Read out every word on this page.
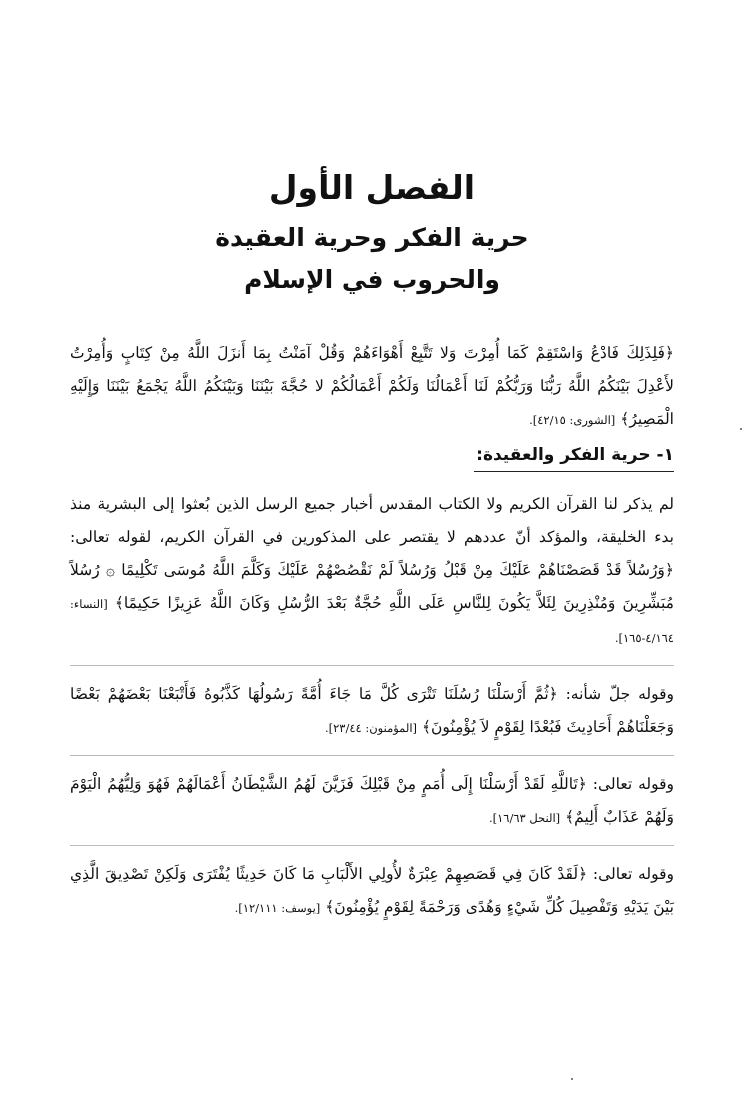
الفصل الأول
حرية الفكر وحرية العقيدة
والحروب في الإسلام

﴿فَلِذَلِكَ فَادْعُ وَاسْتَقِمْ كَمَا أُمِرْتَ وَلا تَتَّبِعْ أَهْوَاءَهُمْ وَقُلْ آمَنْتُ بِمَا أَنزَلَ اللَّهُ مِنْ كِتَابٍ وَأُمِرْتُ لأَعْدِلَ بَيْنَكُمُ اللَّهُ رَبُّنَا وَرَبُّكُمْ لَنَا أَعْمَالُنَا وَلَكُمْ أَعْمَالُكُمْ لا حُجَّةَ بَيْنَنَا وَبَيْنَكُمُ اللَّهُ يَجْمَعُ بَيْنَنَا وَإِلَيْهِ الْمَصِيرُ﴾ [الشورى: ٤٢/١٥].

١- حرية الفكر والعقيدة:

لم يذكر لنا القرآن الكريم ولا الكتاب المقدس أخبار جميع الرسل الذين بُعثوا إلى البشرية منذ بدء الخليقة، والمؤكد أنّ عددهم لا يقتصر على المذكورين في القرآن الكريم، لقوله تعالى: ﴿وَرُسُلاً قَدْ قَصَصْنَاهُمْ عَلَيْكَ مِنْ قَبْلُ وَرُسُلاً لَمْ نَقْصُصْهُمْ عَلَيْكَ وَكَلَّمَ اللَّهُ مُوسَى تَكْلِيمًا ۞ رُسُلاً مُبَشِّرِينَ وَمُنْذِرِينَ لِئَلاَّ يَكُونَ لِلنَّاسِ عَلَى اللَّهِ حُجَّةٌ بَعْدَ الرُّسُلِ وَكَانَ اللَّهُ عَزِيزًا حَكِيمًا﴾ [النساء: ٤/١٦٤-١٦٥].

وقوله جلّ شأنه: ﴿ثُمَّ أَرْسَلْنَا رُسُلَنَا تَتْرَى كُلَّ مَا جَاءَ أُمَّةً رَسُولُهَا كَذَّبُوهُ فَأَتْبَعْنَا بَعْضَهُمْ بَعْضًا وَجَعَلْنَاهُمْ أَحَادِيثَ فَبُعْدًا لِقَوْمٍ لاَ يُؤْمِنُونَ﴾ [المؤمنون: ٢٣/٤٤].

وقوله تعالى: ﴿تَاللَّهِ لَقَدْ أَرْسَلْنَا إِلَى أُمَمٍ مِنْ قَبْلِكَ فَزَيَّنَ لَهُمُ الشَّيْطَانُ أَعْمَالَهُمْ فَهُوَ وَلِيُّهُمُ الْيَوْمَ وَلَهُمْ عَذَابٌ أَلِيمٌ﴾ [النحل ١٦/٦٣].

وقوله تعالى: ﴿لَقَدْ كَانَ فِي قَصَصِهِمْ عِبْرَةٌ لأُولِي الأَلْبَابِ مَا كَانَ حَدِيثًا يُفْتَرَى وَلَكِنْ تَصْدِيقَ الَّذِي بَيْنَ يَدَيْهِ وَتَفْصِيلَ كُلِّ شَيْءٍ وَهُدًى وَرَحْمَةً لِقَوْمٍ يُؤْمِنُونَ﴾ [يوسف: ١٢/١١١].
